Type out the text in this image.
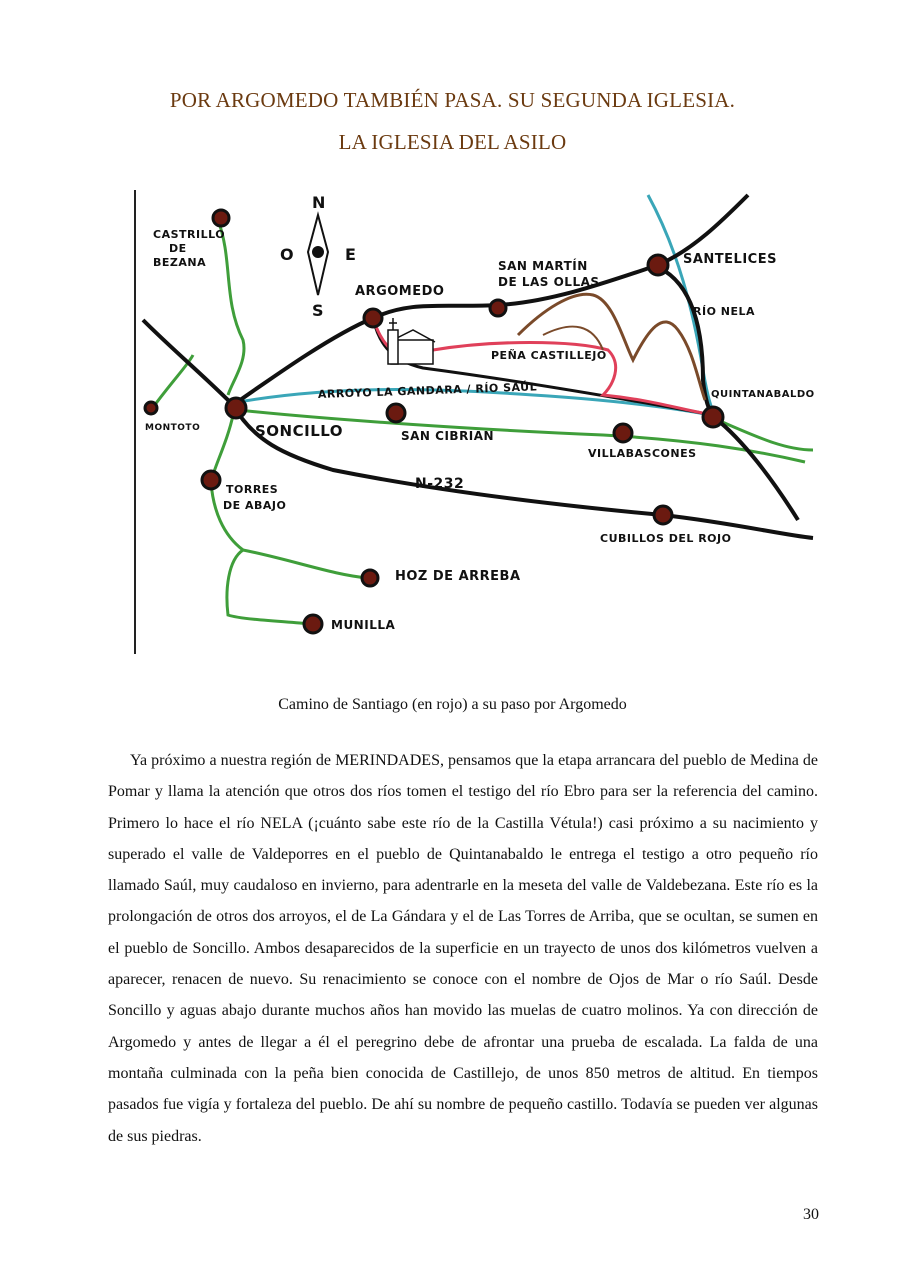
POR ARGOMEDO TAMBIÉN PASA. SU SEGUNDA IGLESIA.
LA IGLESIA DEL ASILO
N
S
E
O
CASTRILLO
DE
BEZANA
ARGOMEDO
SAN MARTÍN
DE LAS OLLAS
SANTELICES
RÍO NELA
PEÑA CASTILLEJO
ARROYO LA GANDARA / RÍO SAÚL	QUINTANABALDO
MONTOTO	SONCILLO	SAN CIBRIAN
VILLABASCONES
N-232
TORRES
DE ABAJO
CUBILLOS DEL ROJO
HOZ DE ARREBA
MUNILLA
Camino de Santiago (en rojo) a su paso por Argomedo

Ya próximo a nuestra región de MERINDADES, pensamos que la etapa arrancara del pueblo de Medina de Pomar y llama la atención que otros dos ríos tomen el testigo del río Ebro para ser la referencia del camino. Primero lo hace el río NELA (¡cuánto sabe este río de la Castilla Vétula!) casi próximo a su nacimiento y superado el valle de Valdeporres en el pueblo de Quintanabaldo le entrega el testigo a otro pequeño río llamado Saúl, muy caudaloso en invierno, para adentrarle en la meseta del valle de Valdebezana. Este río es la prolongación de otros dos arroyos, el de La Gándara y el de Las Torres de Arriba, que se ocultan, se sumen en el pueblo de Soncillo. Ambos desaparecidos de la superficie en un trayecto de unos dos kilómetros vuelven a aparecer, renacen de nuevo. Su renacimiento se conoce con el nombre de Ojos de Mar o río Saúl. Desde Soncillo y aguas abajo durante muchos años han movido las muelas de cuatro molinos. Ya con dirección de Argomedo y antes de llegar a él el peregrino debe de afrontar una prueba de escalada. La falda de una montaña culminada con la peña bien conocida de Castillejo, de unos 850 metros de altitud. En tiempos pasados fue vigía y fortaleza del pueblo. De ahí su nombre de pequeño castillo. Todavía se pueden ver algunas de sus piedras.

30
